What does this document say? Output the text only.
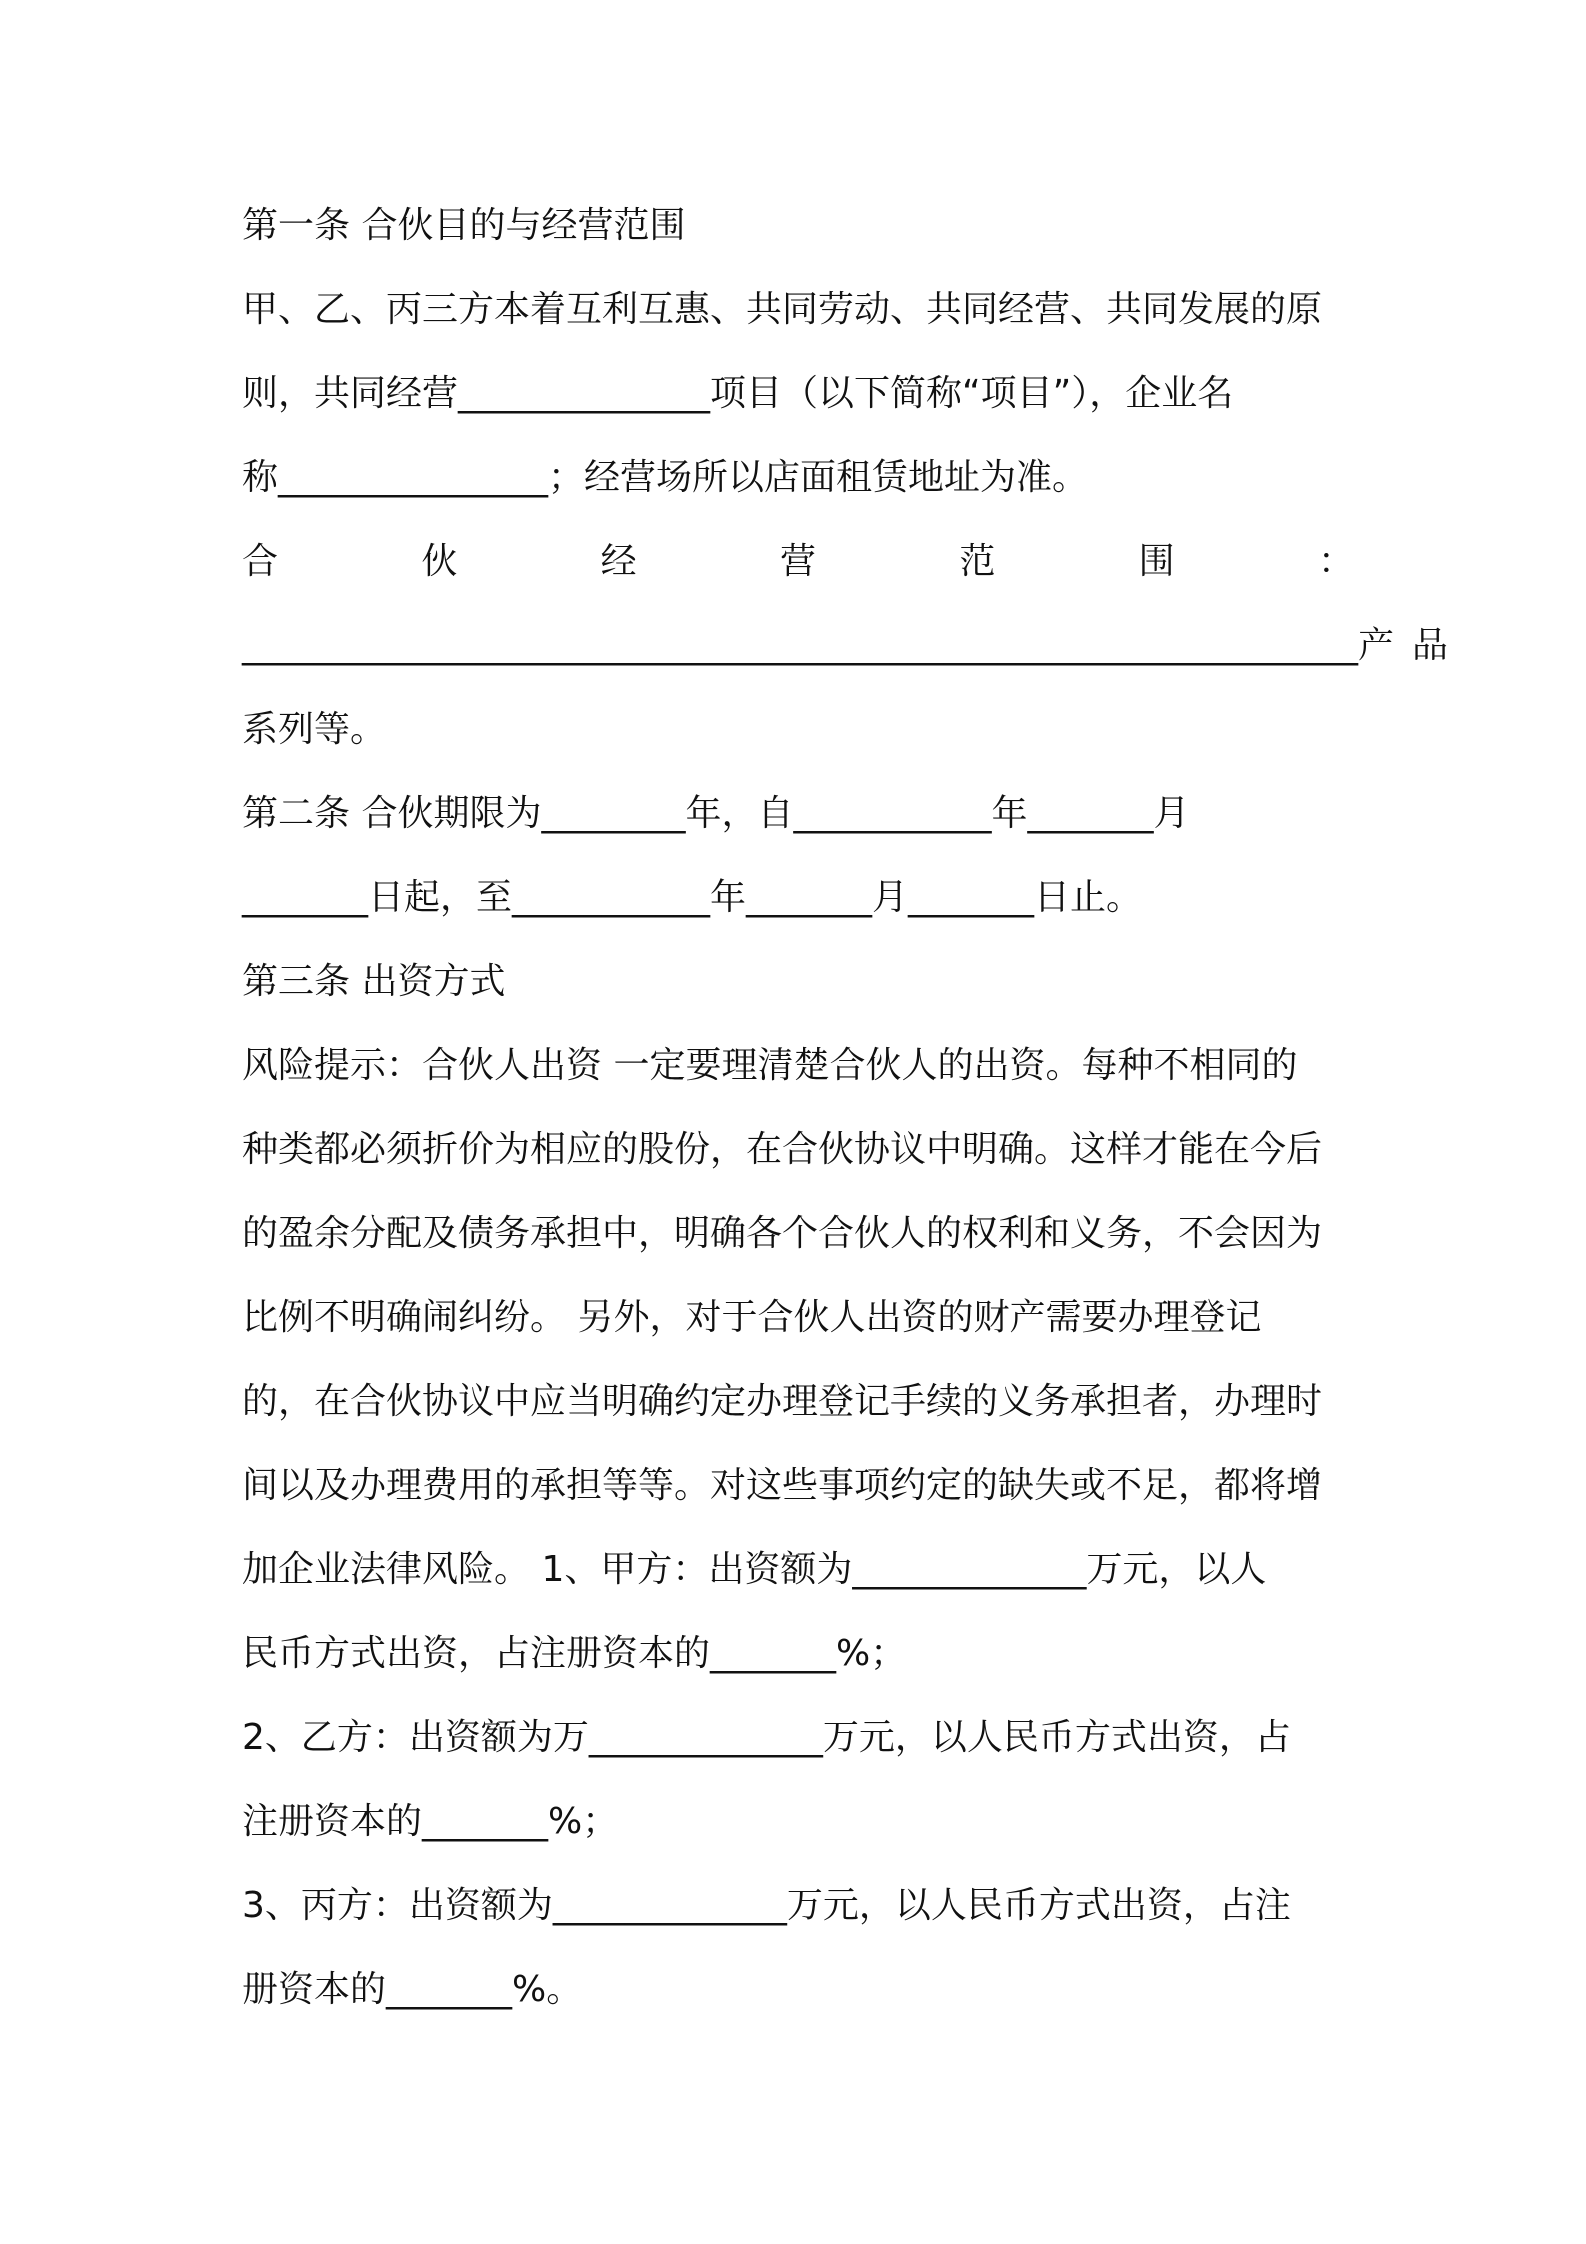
第一条 合伙目的与经营范围
甲、乙、丙三方本着互利互惠、共同劳动、共同经营、共同发展的原
则，共同经营______________项目（以下简称“项目”），企业名
称_______________；经营场所以店面租赁地址为准。
合	伙	经	营	范	围	：
______________________________________________________________ 产品
系列等。
第二条 合伙期限为________年，自___________年_______月
_______日起，至___________年_______月_______日止。
第三条 出资方式
风险提示：合伙人出资 一定要理清楚合伙人的出资。每种不相同的
种类都必须折价为相应的股份，在合伙协议中明确。这样才能在今后
的盈余分配及债务承担中，明确各个合伙人的权利和义务，不会因为
比例不明确闹纠纷。 另外，对于合伙人出资的财产需要办理登记
的，在合伙协议中应当明确约定办理登记手续的义务承担者，办理时
间以及办理费用的承担等等。对这些事项约定的缺失或不足，都将增
加企业法律风险。 1、甲方：出资额为_____________万元，以人
民币方式出资，占注册资本的_______%；
2、乙方：出资额为万_____________万元，以人民币方式出资，占
注册资本的_______%；
3、丙方：出资额为_____________万元，以人民币方式出资，占注
册资本的_______%。
